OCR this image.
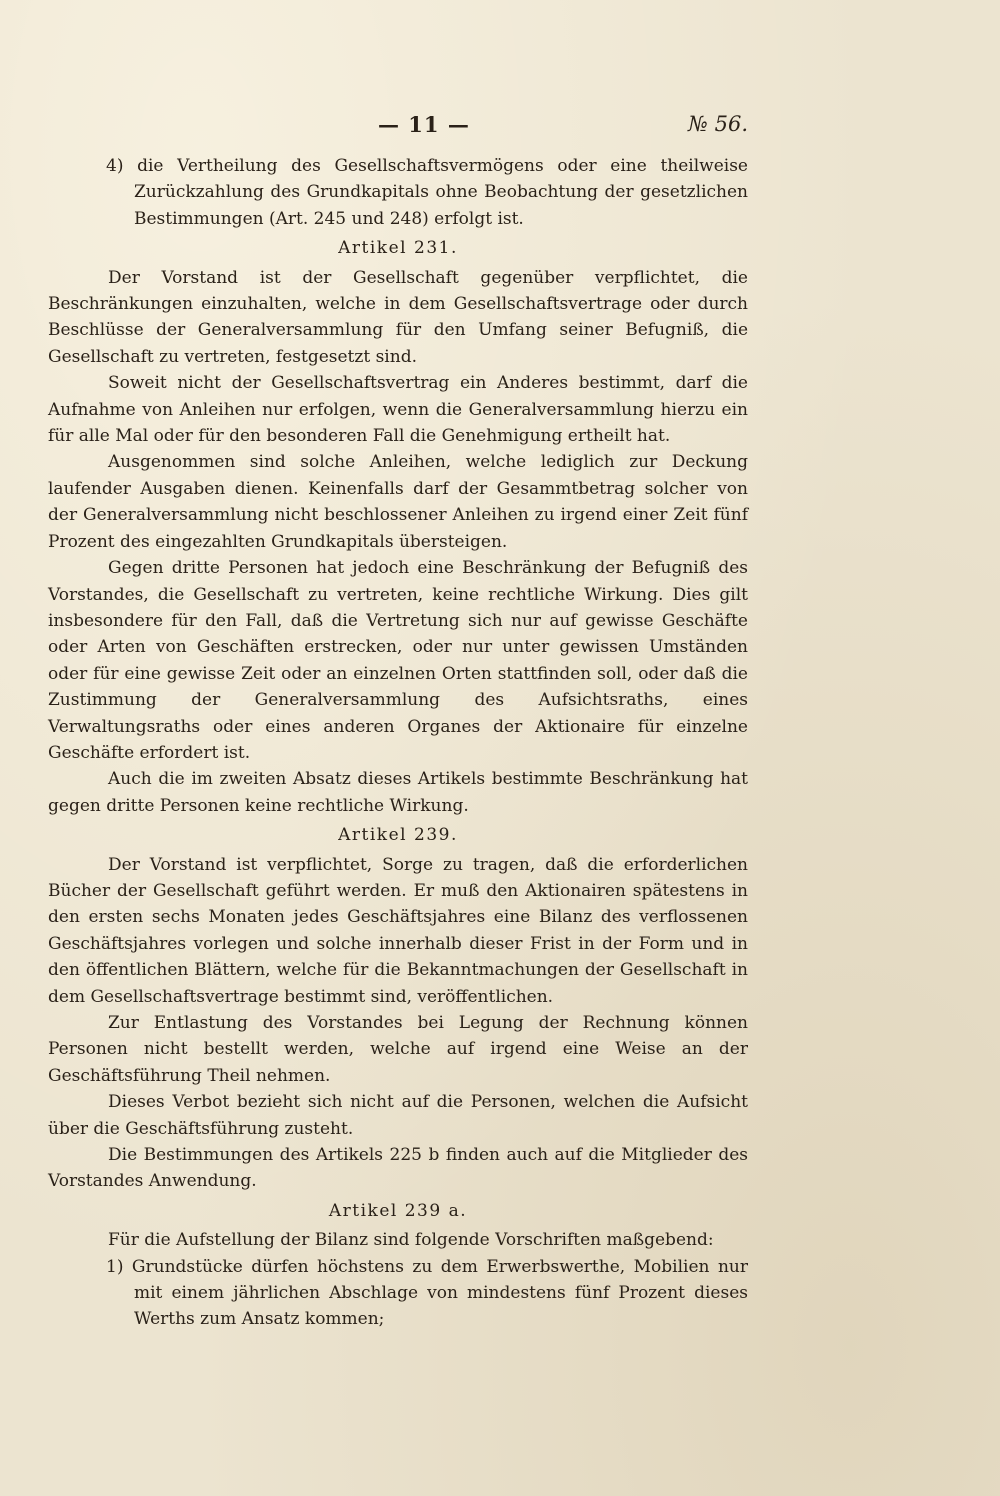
— 11 —	№ 56.

4) die Vertheilung des Gesellschaftsvermögens oder eine theilweise Zurückzahlung des Grundkapitals ohne Beobachtung der gesetzlichen Bestimmungen (Art. 245 und 248) erfolgt ist.

Artikel 231.

Der Vorstand ist der Gesellschaft gegenüber verpflichtet, die Beschränkungen einzuhalten, welche in dem Gesellschaftsvertrage oder durch Beschlüsse der Generalversammlung für den Umfang seiner Befugniß, die Gesellschaft zu vertreten, festgesetzt sind.

Soweit nicht der Gesellschaftsvertrag ein Anderes bestimmt, darf die Aufnahme von Anleihen nur erfolgen, wenn die Generalversammlung hierzu ein für alle Mal oder für den besonderen Fall die Genehmigung ertheilt hat.

Ausgenommen sind solche Anleihen, welche lediglich zur Deckung laufender Ausgaben dienen. Keinenfalls darf der Gesammtbetrag solcher von der Generalversammlung nicht beschlossener Anleihen zu irgend einer Zeit fünf Prozent des eingezahlten Grundkapitals übersteigen.

Gegen dritte Personen hat jedoch eine Beschränkung der Befugniß des Vorstandes, die Gesellschaft zu vertreten, keine rechtliche Wirkung. Dies gilt insbesondere für den Fall, daß die Vertretung sich nur auf gewisse Geschäfte oder Arten von Geschäften erstrecken, oder nur unter gewissen Umständen oder für eine gewisse Zeit oder an einzelnen Orten stattfinden soll, oder daß die Zustimmung der Generalversammlung des Aufsichtsraths, eines Verwaltungsraths oder eines anderen Organes der Aktionaire für einzelne Geschäfte erfordert ist.

Auch die im zweiten Absatz dieses Artikels bestimmte Beschränkung hat gegen dritte Personen keine rechtliche Wirkung.

Artikel 239.

Der Vorstand ist verpflichtet, Sorge zu tragen, daß die erforderlichen Bücher der Gesellschaft geführt werden. Er muß den Aktionairen spätestens in den ersten sechs Monaten jedes Geschäftsjahres eine Bilanz des verflossenen Geschäftsjahres vorlegen und solche innerhalb dieser Frist in der Form und in den öffentlichen Blättern, welche für die Bekanntmachungen der Gesellschaft in dem Gesellschaftsvertrage bestimmt sind, veröffentlichen.

Zur Entlastung des Vorstandes bei Legung der Rechnung können Personen nicht bestellt werden, welche auf irgend eine Weise an der Geschäftsführung Theil nehmen.

Dieses Verbot bezieht sich nicht auf die Personen, welchen die Aufsicht über die Geschäftsführung zusteht.

Die Bestimmungen des Artikels 225 b finden auch auf die Mitglieder des Vorstandes Anwendung.

Artikel 239 a.

Für die Aufstellung der Bilanz sind folgende Vorschriften maßgebend:

1) Grundstücke dürfen höchstens zu dem Erwerbswerthe, Mobilien nur mit einem jährlichen Abschlage von mindestens fünf Prozent dieses Werths zum Ansatz kommen;
